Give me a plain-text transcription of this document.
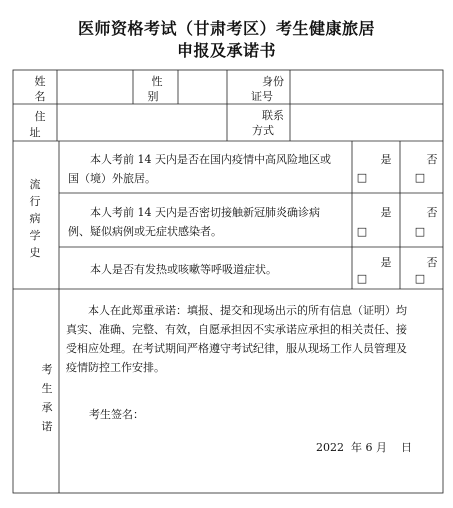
医师资格考试（甘肃考区）考生健康旅居
申报及承诺书
姓
名
性
别
身份
证号
住
址
联系
方式
流
行
病
学
史
本人考前 14 天内是否在国内疫情中高风险地区或
国（境）外旅居。
是
□
否
□
本人考前 14 天内是否密切接触新冠肺炎确诊病
例、疑似病例或无症状感染者。
是
□
否
□
本人是否有发热或咳嗽等呼吸道症状。
是
□
否
□
考
生
承
诺
本人在此郑重承诺：填报、提交和现场出示的所有信息（证明）均
真实、准确、完整、有效，自愿承担因不实承诺应承担的相关责任、接
受相应处理。在考试期间严格遵守考试纪律，服从现场工作人员管理及
疫情防控工作安排。
考生签名：
2022  年 6 月    日
